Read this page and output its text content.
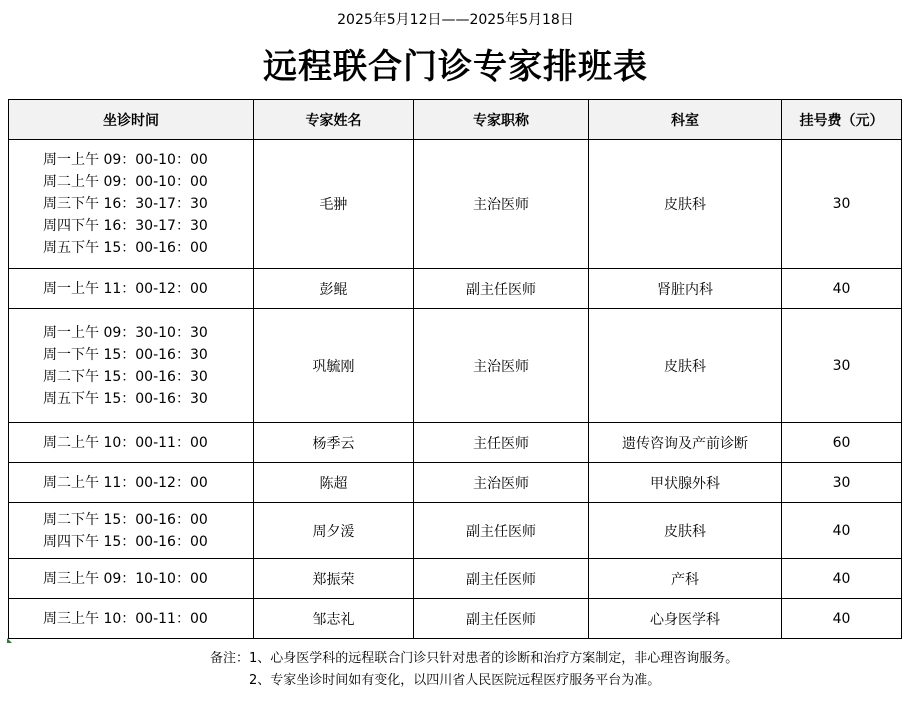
2025年5月12日——2025年5月18日
远程联合门诊专家排班表
坐诊时间	专家姓名	专家职称	科室	挂号费（元）

周一上午 09：00-10：00
周二上午 09：00-10：00
周三下午 16：30-17：30
周四下午 16：30-17：30
周五下午 15：00-16：00	毛翀	主治医师	皮肤科	30

周一上午 11：00-12：00	彭鲲	副主任医师	肾脏内科	40

周一上午 09：30-10：30
周一下午 15：00-16：30
周二下午 15：00-16：30
周五下午 15：00-16：30	巩毓刚	主治医师	皮肤科	30

周二上午 10：00-11：00	杨季云	主任医师	遗传咨询及产前诊断	60

周二上午 11：00-12：00	陈超	主治医师	甲状腺外科	30

周二下午 15：00-16：00
周四下午 15：00-16：00	周夕湲	副主任医师	皮肤科	40

周三上午 09：10-10：00	郑振荣	副主任医师	产科	40

周三上午 10：00-11：00	邹志礼	副主任医师	心身医学科	40
备注：1、心身医学科的远程联合门诊只针对患者的诊断和治疗方案制定，非心理咨询服务。
2、专家坐诊时间如有变化，以四川省人民医院远程医疗服务平台为准。
